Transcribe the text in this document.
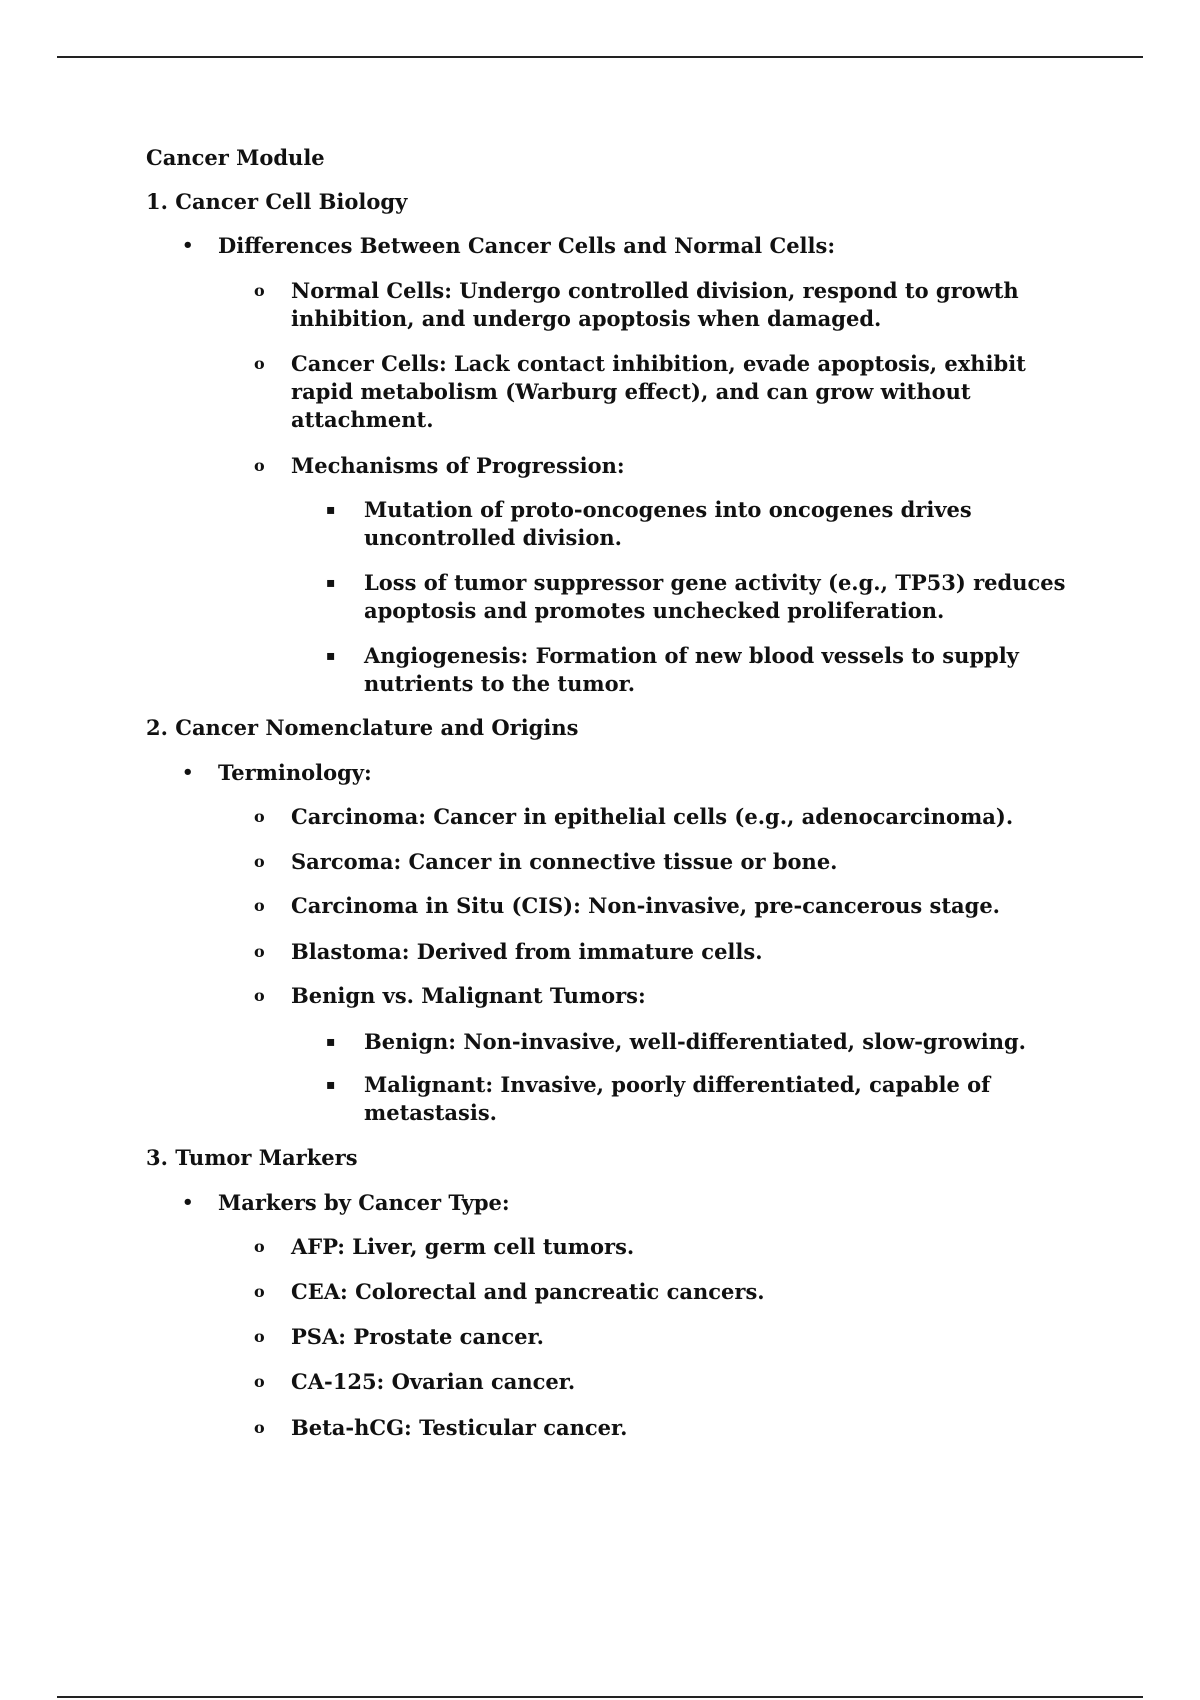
Cancer Module
1. Cancer Cell Biology
• Differences Between Cancer Cells and Normal Cells:
o Normal Cells: Undergo controlled division, respond to growth inhibition, and undergo apoptosis when damaged.
o Cancer Cells: Lack contact inhibition, evade apoptosis, exhibit rapid metabolism (Warburg effect), and can grow without attachment.
o Mechanisms of Progression:
▪ Mutation of proto-oncogenes into oncogenes drives uncontrolled division.
▪ Loss of tumor suppressor gene activity (e.g., TP53) reduces apoptosis and promotes unchecked proliferation.
▪ Angiogenesis: Formation of new blood vessels to supply nutrients to the tumor.
2. Cancer Nomenclature and Origins
• Terminology:
o Carcinoma: Cancer in epithelial cells (e.g., adenocarcinoma).
o Sarcoma: Cancer in connective tissue or bone.
o Carcinoma in Situ (CIS): Non-invasive, pre-cancerous stage.
o Blastoma: Derived from immature cells.
o Benign vs. Malignant Tumors:
▪ Benign: Non-invasive, well-differentiated, slow-growing.
▪ Malignant: Invasive, poorly differentiated, capable of metastasis.
3. Tumor Markers
• Markers by Cancer Type:
o AFP: Liver, germ cell tumors.
o CEA: Colorectal and pancreatic cancers.
o PSA: Prostate cancer.
o CA-125: Ovarian cancer.
o Beta-hCG: Testicular cancer.
